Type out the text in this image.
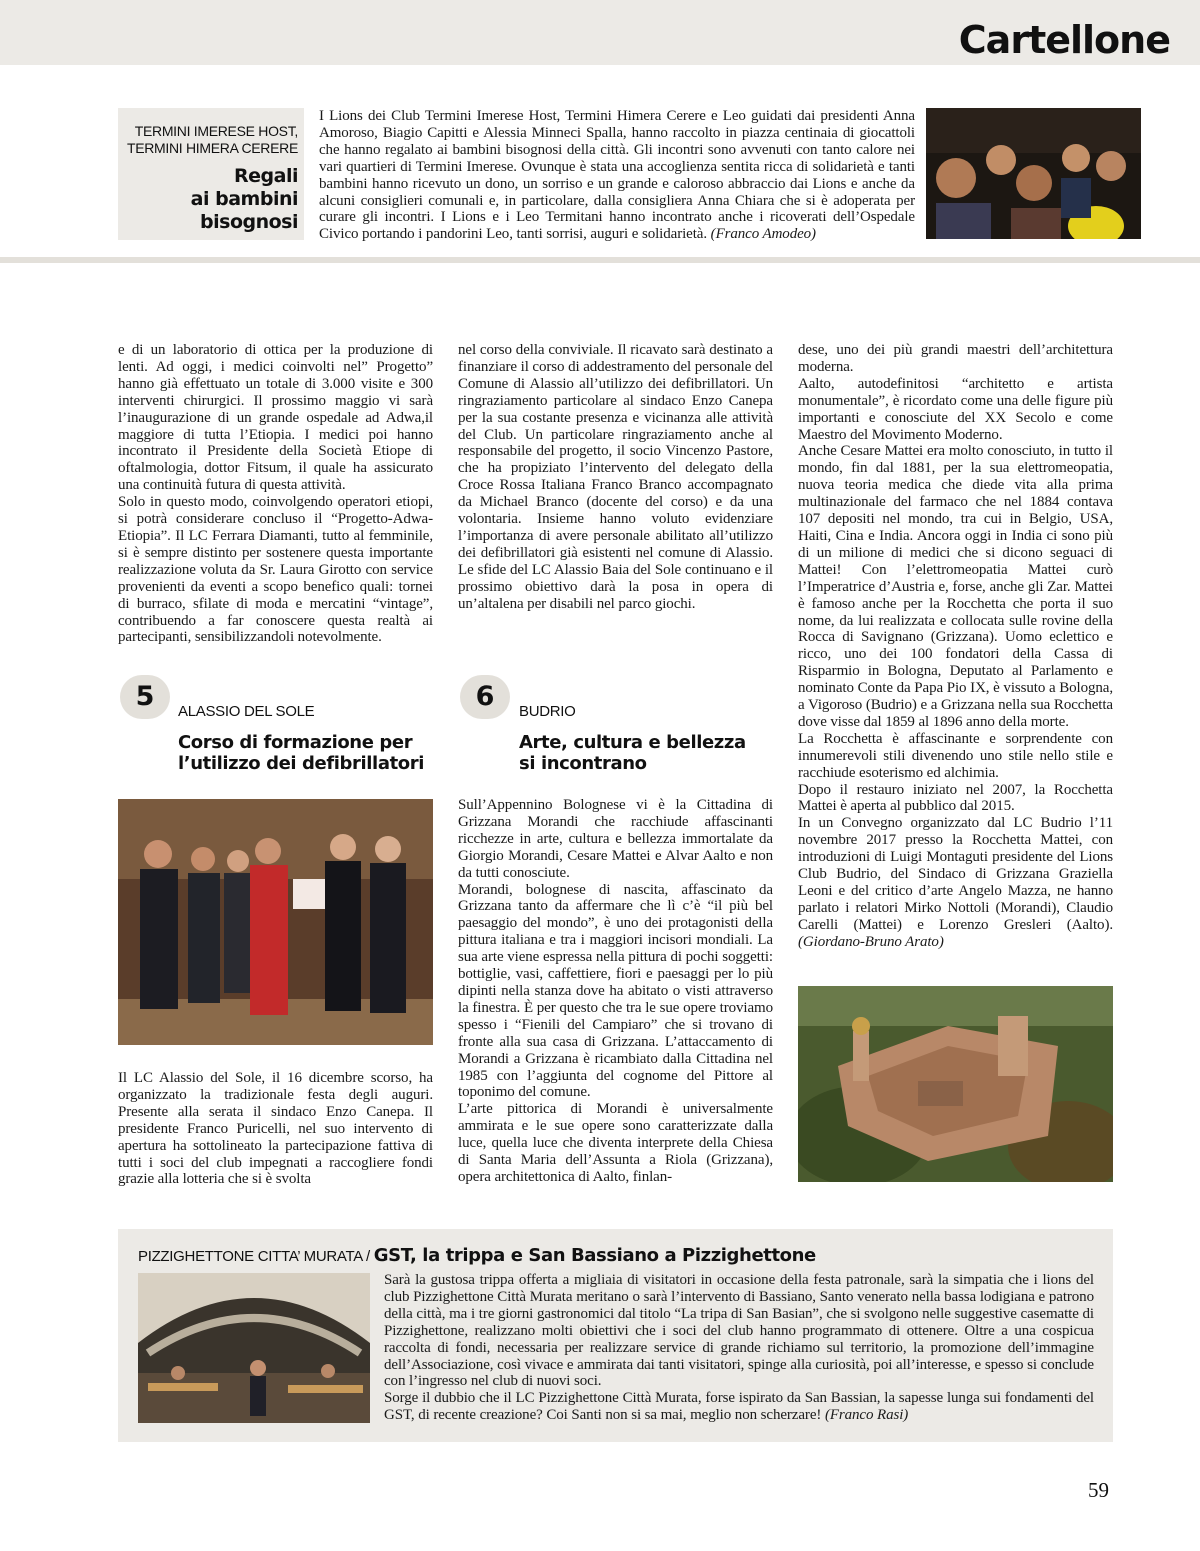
Cartellone
TERMINI IMERESE HOST,
TERMINI HIMERA CERERE
Regali
ai bambini
bisognosi

I Lions dei Club Termini Imerese Host, Termini Himera Cerere e Leo guidati dai presidenti Anna Amoroso, Biagio Capitti e Alessia Minneci Spalla, hanno raccolto in piazza centinaia di giocattoli che hanno regalato ai bambini bisognosi della città. Gli incontri sono avvenuti con tanto calore nei vari quartieri di Termini Imerese. Ovunque è stata una accoglienza sentita ricca di solidarietà e tanti bambini hanno ricevuto un dono, un sorriso e un grande e caloroso abbraccio dai Lions e anche da alcuni consiglieri comunali e, in particolare, dalla consigliera Anna Chiara che si è adoperata per curare gli incontri. I Lions e i Leo Termitani hanno incontrato anche i ricoverati dell’Ospedale Civico portando i pandorini Leo, tanti sorrisi, auguri e solidarietà. (Franco Amodeo)

e di un laboratorio di ottica per la produzione di lenti. Ad oggi, i medici coinvolti nel” Progetto” hanno già effettuato un totale di 3.000 visite e 300 interventi chirurgici. Il prossimo maggio vi sarà l’inaugurazione di un grande ospedale ad Adwa,il maggiore di tutta l’Etiopia. I medici poi hanno incontrato il Presidente della Società Etiope di oftalmologia, dottor Fitsum, il quale ha assicurato una continuità futura di questa attività.

Solo in questo modo, coinvolgendo operatori etiopi, si potrà considerare concluso il “Progetto-Adwa-Etiopia”. Il LC Ferrara Diamanti, tutto al femminile, si è sempre distinto per sostenere questa importante realizzazione voluta da Sr. Laura Girotto con service provenienti da eventi a scopo benefico quali: tornei di burraco, sfilate di moda e mercatini “vintage”, contribuendo a far conoscere questa realtà ai partecipanti, sensibilizzandoli notevolmente.

5	ALASSIO DEL SOLE
Corso di formazione per
l’utilizzo dei defibrillatori

Il LC Alassio del Sole, il 16 dicembre scorso, ha organizzato la tradizionale festa degli auguri. Presente alla serata il sindaco Enzo Canepa. Il presidente Franco Puricelli, nel suo intervento di apertura ha sottolineato la partecipazione fattiva di tutti i soci del club impegnati a raccogliere fondi grazie alla lotteria che si è svolta

nel corso della conviviale. Il ricavato sarà destinato a finanziare il corso di addestramento del personale del Comune di Alassio all’utilizzo dei defibrillatori. Un ringraziamento particolare al sindaco Enzo Canepa per la sua costante presenza e vicinanza alle attività del Club. Un particolare ringraziamento anche al responsabile del progetto, il socio Vincenzo Pastore, che ha propiziato l’intervento del delegato della Croce Rossa Italiana Franco Branco accompagnato da Michael Branco (docente del corso) e da una volontaria. Insieme hanno voluto evidenziare l’importanza di avere personale abilitato all’utilizzo dei defibrillatori già esistenti nel comune di Alassio. Le sfide del LC Alassio Baia del Sole continuano e il prossimo obiettivo darà la posa in opera di un’altalena per disabili nel parco giochi.

6	BUDRIO
Arte, cultura e bellezza
si incontrano

Sull’Appennino Bolognese vi è la Cittadina di Grizzana Morandi che racchiude affascinanti ricchezze in arte, cultura e bellezza immortalate da Giorgio Morandi, Cesare Mattei e Alvar Aalto e non da tutti conosciute.

Morandi, bolognese di nascita, affascinato da Grizzana tanto da affermare che lì c’è “il più bel paesaggio del mondo”, è uno dei protagonisti della pittura italiana e tra i maggiori incisori mondiali. La sua arte viene espressa nella pittura di pochi soggetti: bottiglie, vasi, caffettiere, fiori e paesaggi per lo più dipinti nella stanza dove ha abitato o visti attraverso la finestra. È per questo che tra le sue opere troviamo spesso i “Fienili del Campiaro” che si trovano di fronte alla sua casa di Grizzana. L’attaccamento di Morandi a Grizzana è ricambiato dalla Cittadina nel 1985 con l’aggiunta del cognome del Pittore al toponimo del comune.

L’arte pittorica di Morandi è universalmente ammirata e le sue opere sono caratterizzate dalla luce, quella luce che diventa interprete della Chiesa di Santa Maria dell’Assunta a Riola (Grizzana), opera architettonica di Aalto, finlan-

dese, uno dei più grandi maestri dell’architettura moderna.

Aalto, autodefinitosi “architetto e artista monumentale”, è ricordato come una delle figure più importanti e conosciute del XX Secolo e come Maestro del Movimento Moderno.

Anche Cesare Mattei era molto conosciuto, in tutto il mondo, fin dal 1881, per la sua elettromeopatia, nuova teoria medica che diede vita alla prima multinazionale del farmaco che nel 1884 contava 107 depositi nel mondo, tra cui in Belgio, USA, Haiti, Cina e India. Ancora oggi in India ci sono più di un milione di medici che si dicono seguaci di Mattei! Con l’elettromeopatia Mattei curò l’Imperatrice d’Austria e, forse, anche gli Zar. Mattei è famoso anche per la Rocchetta che porta il suo nome, da lui realizzata e collocata sulle rovine della Rocca di Savignano (Grizzana). Uomo eclettico e ricco, uno dei 100 fondatori della Cassa di Risparmio in Bologna, Deputato al Parlamento e nominato Conte da Papa Pio IX, è vissuto a Bologna, a Vigoroso (Budrio) e a Grizzana nella sua Rocchetta dove visse dal 1859 al 1896 anno della morte.

La Rocchetta è affascinante e sorprendente con innumerevoli stili divenendo uno stile nello stile e racchiude esoterismo ed alchimia.

Dopo il restauro iniziato nel 2007, la Rocchetta Mattei è aperta al pubblico dal 2015.

In un Convegno organizzato dal LC Budrio l’11 novembre 2017 presso la Rocchetta Mattei, con introduzioni di Luigi Montaguti presidente del Lions Club Budrio, del Sindaco di Grizzana Graziella Leoni e del critico d’arte Angelo Mazza, ne hanno parlato i relatori Mirko Nottoli (Morandi), Claudio Carelli (Mattei) e Lorenzo Gresleri (Aalto). (Giordano-Bruno Arato)

PIZZIGHETTONE CITTA’ MURATA / GST, la trippa e San Bassiano a Pizzighettone

Sarà la gustosa trippa offerta a migliaia di visitatori in occasione della festa patronale, sarà la simpatia che i lions del club Pizzighettone Città Murata meritano o sarà l’intervento di Bassiano, Santo venerato nella bassa lodigiana e patrono della città, ma i tre giorni gastronomici dal titolo “La tripa di San Basian”, che si svolgono nelle suggestive casematte di Pizzighettone, realizzano molti obiettivi che i soci del club hanno programmato di ottenere. Oltre a una cospicua raccolta di fondi, necessaria per realizzare service di grande richiamo sul territorio, la promozione dell’immagine dell’Associazione, così vivace e ammirata dai tanti visitatori, spinge alla curiosità, poi all’interesse, e spesso si conclude con l’ingresso nel club di nuovi soci.

Sorge il dubbio che il LC Pizzighettone Città Murata, forse ispirato da San Bassian, la sapesse lunga sui fondamenti del GST, di recente creazione? Coi Santi non si sa mai, meglio non scherzare! (Franco Rasi)

59
